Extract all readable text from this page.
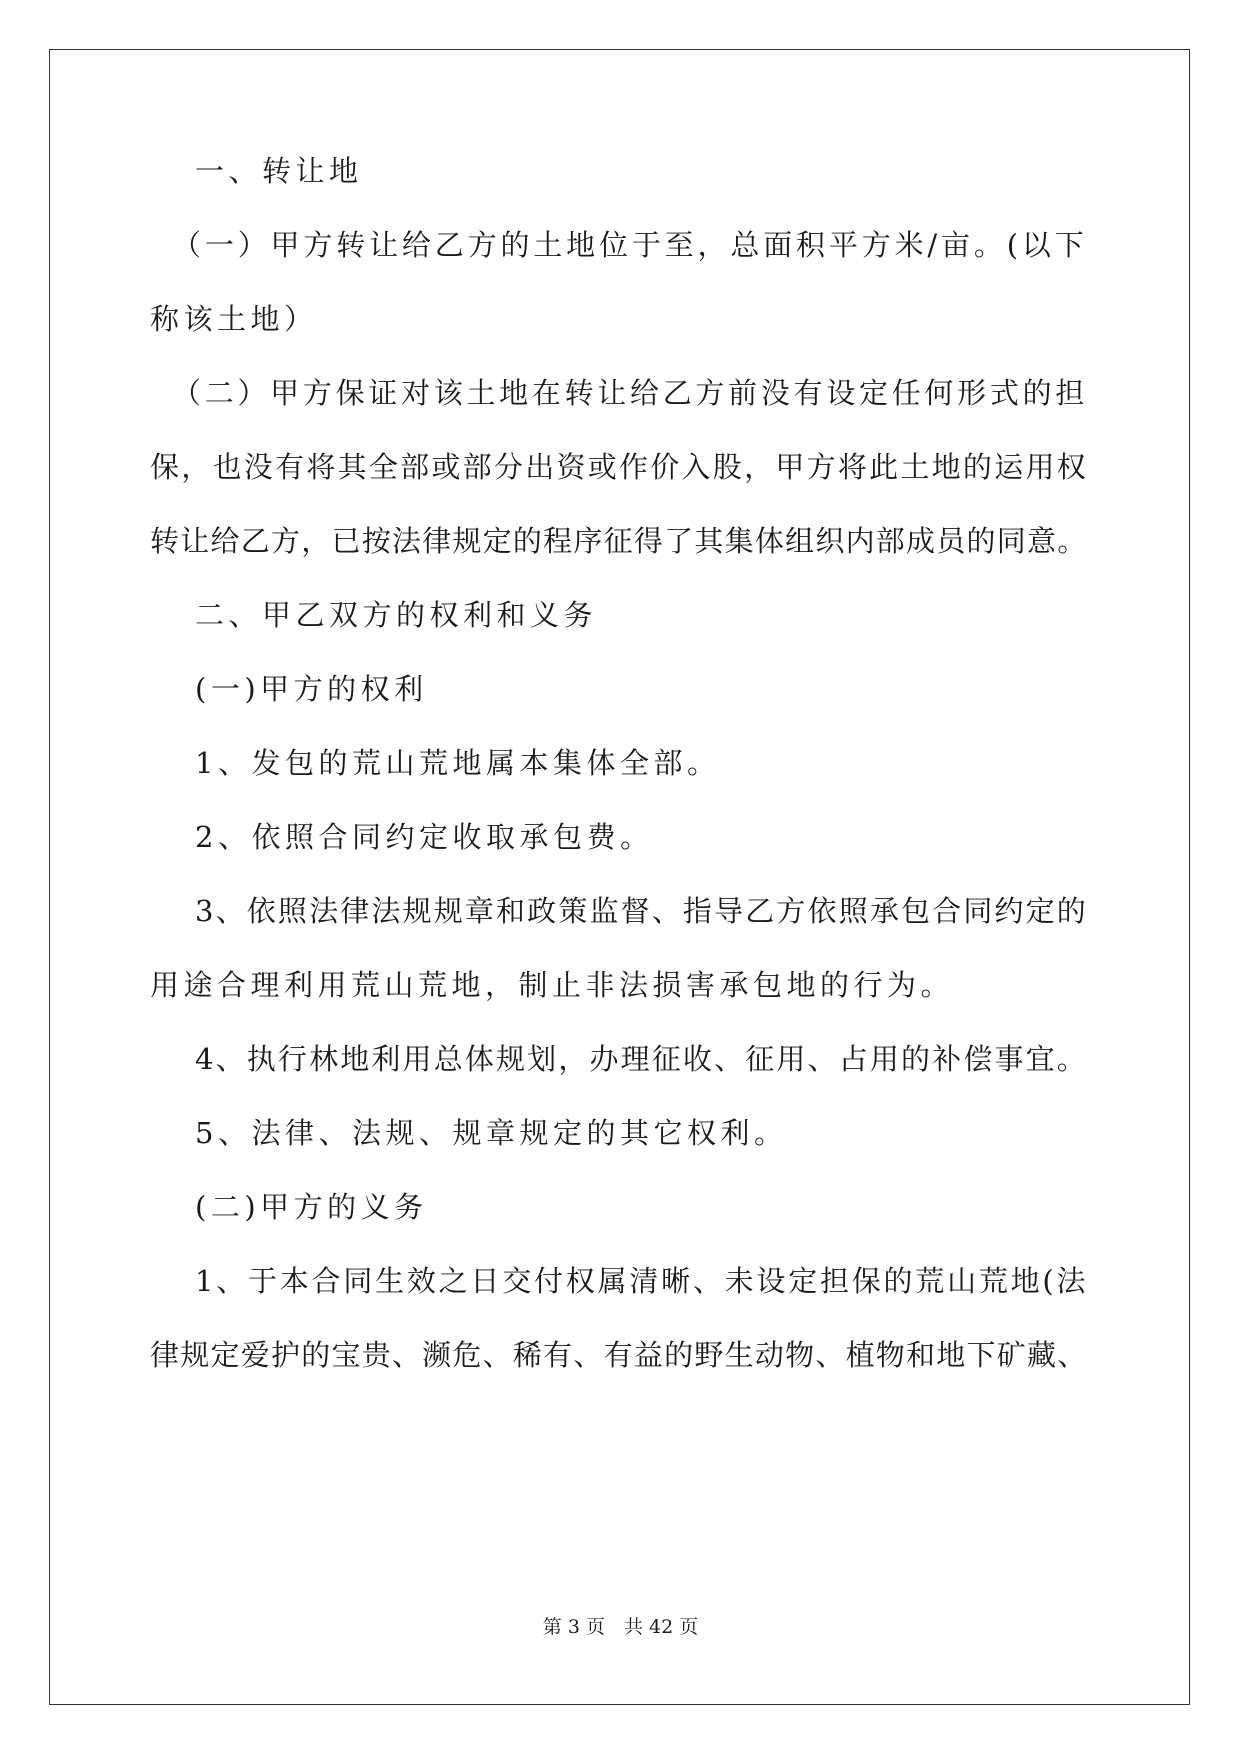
一、转让地
（一）甲方转让给乙方的土地位于至，总面积平方米/亩。(以下
称该土地）
（二）甲方保证对该土地在转让给乙方前没有设定任何形式的担
保，也没有将其全部或部分出资或作价入股，甲方将此土地的运用权
转让给乙方，已按法律规定的程序征得了其集体组织内部成员的同意。
二、甲乙双方的权利和义务
(一)甲方的权利
1、发包的荒山荒地属本集体全部。
2、依照合同约定收取承包费。
3、依照法律法规规章和政策监督、指导乙方依照承包合同约定的
用途合理利用荒山荒地，制止非法损害承包地的行为。
4、执行林地利用总体规划，办理征收、征用、占用的补偿事宜。
5、法律、法规、规章规定的其它权利。
(二)甲方的义务
1、于本合同生效之日交付权属清晰、未设定担保的荒山荒地(法
律规定爱护的宝贵、濒危、稀有、有益的野生动物、植物和地下矿藏、
第 3 页　共 42 页
